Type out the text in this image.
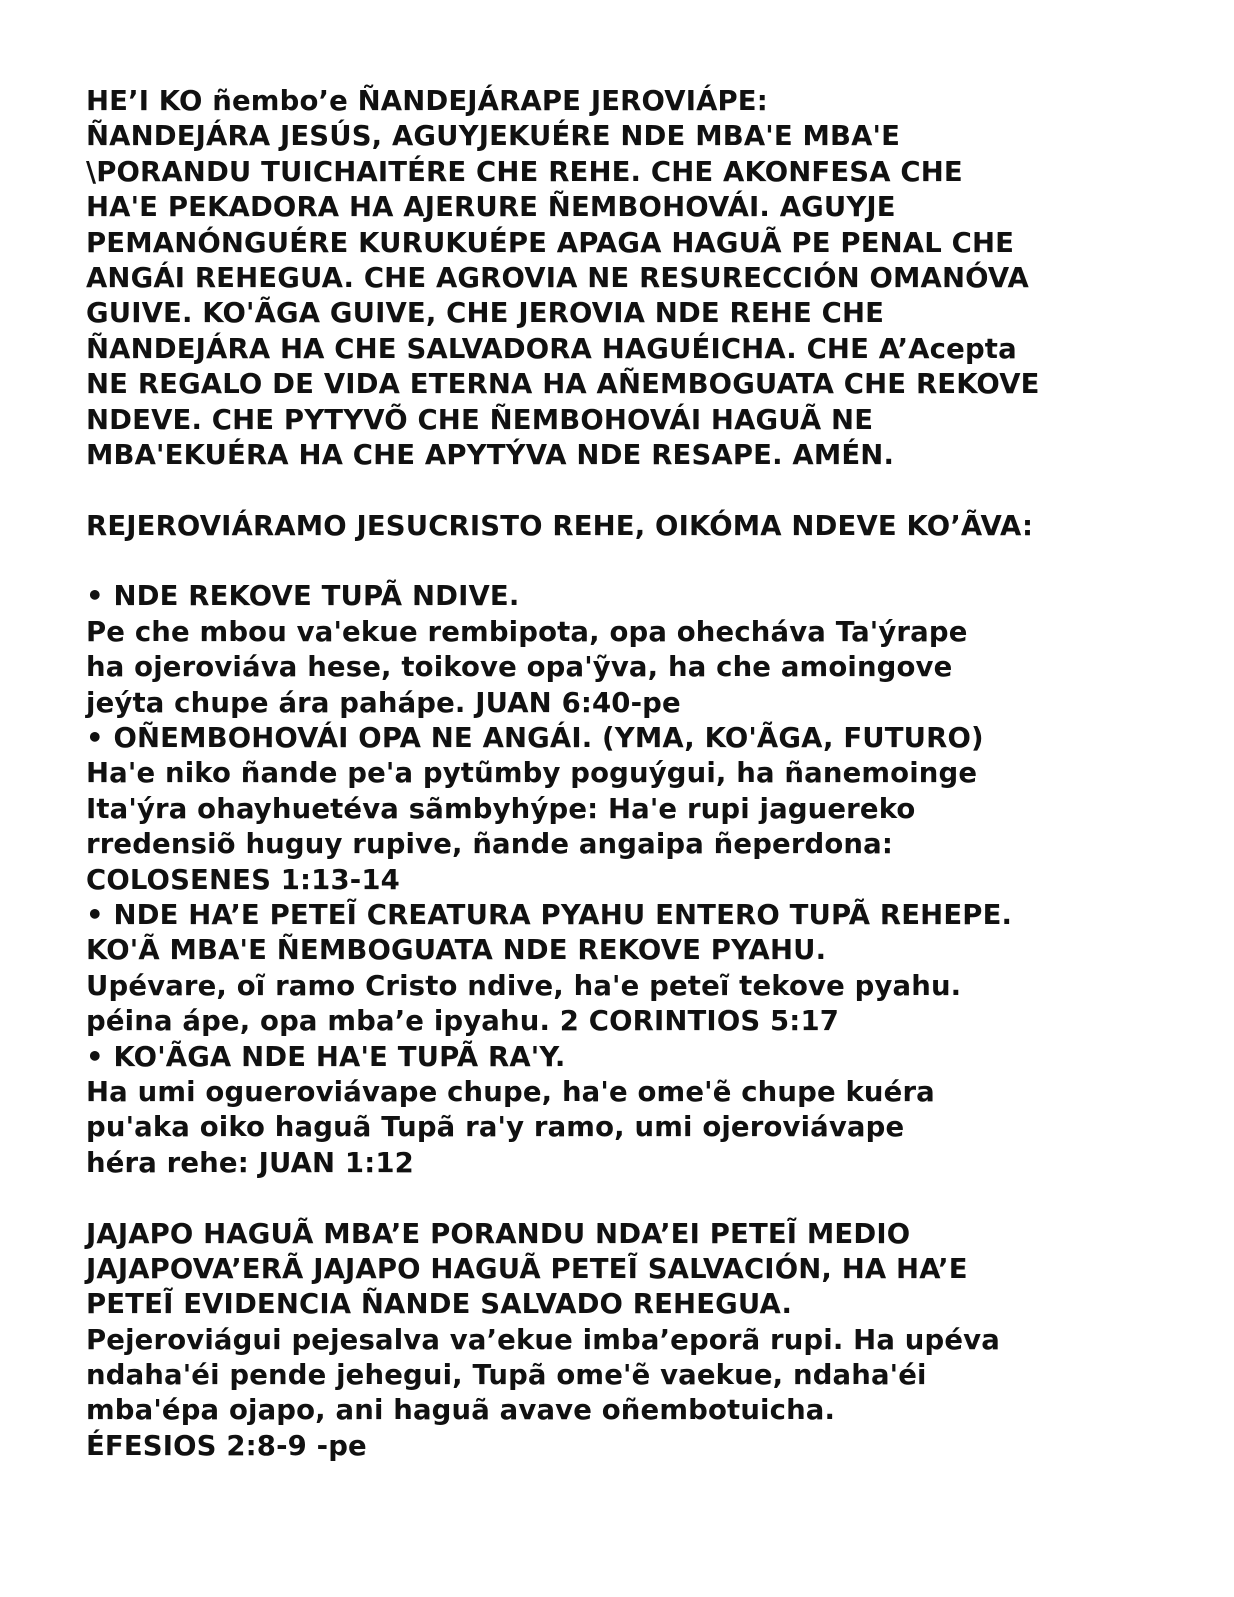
HE’I KO ñembo’e ÑANDEJÁRAPE JEROVIÁPE:
ÑANDEJÁRA JESÚS, AGUYJEKUÉRE NDE MBA'E MBA'E
\PORANDU TUICHAITÉRE CHE REHE. CHE AKONFESA CHE
HA'E PEKADORA HA AJERURE ÑEMBOHOVÁI. AGUYJE
PEMANÓNGUÉRE KURUKUÉPE APAGA HAGUÃ PE PENAL CHE
ANGÁI REHEGUA. CHE AGROVIA NE RESURECCIÓN OMANÓVA
GUIVE. KO'ÃGA GUIVE, CHE JEROVIA NDE REHE CHE
ÑANDEJÁRA HA CHE SALVADORA HAGUÉICHA. CHE A’Acepta
NE REGALO DE VIDA ETERNA HA AÑEMBOGUATA CHE REKOVE
NDEVE. CHE PYTYVÕ CHE ÑEMBOHOVÁI HAGUÃ NE
MBA'EKUÉRA HA CHE APYTÝVA NDE RESAPE. AMÉN.
REJEROVIÁRAMO JESUCRISTO REHE, OIKÓMA NDEVE KO’ÃVA:
• NDE REKOVE TUPÃ NDIVE.
Pe che mbou va'ekue rembipota, opa ohecháva Ta'ýrape
ha ojeroviáva hese, toikove opa'ỹva, ha che amoingove
jeýta chupe ára pahápe. JUAN 6:40-pe
• OÑEMBOHOVÁI OPA NE ANGÁI. (YMA, KO'ÃGA, FUTURO)
Ha'e niko ñande pe'a pytũmby poguýgui, ha ñanemoinge
Ita'ýra ohayhuetéva sãmbyhýpe: Ha'e rupi jaguereko
rredensiõ huguy rupive, ñande angaipa ñeperdona:
COLOSENES 1:13-14
• NDE HA’E PETEĨ CREATURA PYAHU ENTERO TUPÃ REHEPE.
KO'Ã MBA'E ÑEMBOGUATA NDE REKOVE PYAHU.
Upévare, oĩ ramo Cristo ndive, ha'e peteĩ tekove pyahu.
péina ápe, opa mba’e ipyahu. 2 CORINTIOS 5:17
• KO'ÃGA NDE HA'E TUPÃ RA'Y.
Ha umi ogueroviávape chupe, ha'e ome'ẽ chupe kuéra
pu'aka oiko haguã Tupã ra'y ramo, umi ojeroviávape
héra rehe: JUAN 1:12
JAJAPO HAGUÃ MBA’E PORANDU NDA’EI PETEĨ MEDIO
JAJAPOVA’ERÃ JAJAPO HAGUÃ PETEĨ SALVACIÓN, HA HA’E
PETEĨ EVIDENCIA ÑANDE SALVADO REHEGUA.
Pejeroviágui pejesalva va’ekue imba’eporã rupi. Ha upéva
ndaha'éi pende jehegui, Tupã ome'ẽ vaekue, ndaha'éi
mba'épa ojapo, ani haguã avave oñembotuicha.
ÉFESIOS 2:8-9 -pe
